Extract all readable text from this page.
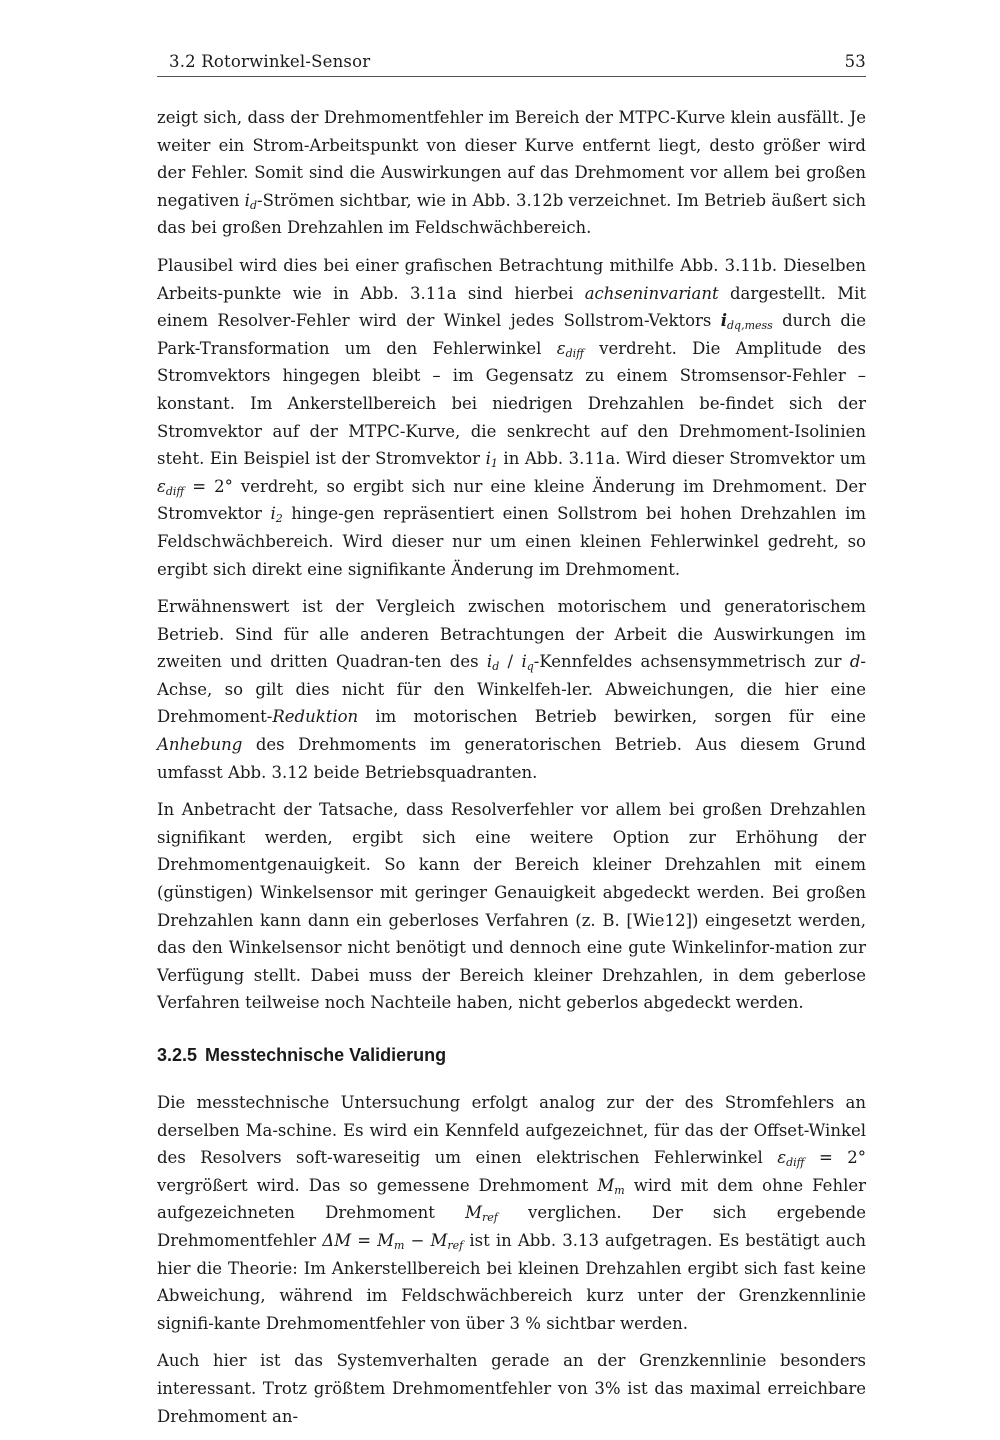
3.2 Rotorwinkel-Sensor	53

zeigt sich, dass der Drehmomentfehler im Bereich der MTPC-Kurve klein ausfällt. Je weiter ein Strom-Arbeitspunkt von dieser Kurve entfernt liegt, desto größer wird der Fehler. Somit sind die Auswirkungen auf das Drehmoment vor allem bei großen negativen $i_d$-Strömen sichtbar, wie in Abb. 3.12b verzeichnet. Im Betrieb äußert sich das bei großen Drehzahlen im Feldschwächbereich.

Plausibel wird dies bei einer grafischen Betrachtung mithilfe Abb. 3.11b. Dieselben Arbeits-punkte wie in Abb. 3.11a sind hierbei achseninvariant dargestellt. Mit einem Resolver-Fehler wird der Winkel jedes Sollstrom-Vektors $i_{dq,mess}$ durch die Park-Transformation um den Fehlerwinkel $\varepsilon_{diff}$ verdreht. Die Amplitude des Stromvektors hingegen bleibt – im Gegensatz zu einem Stromsensor-Fehler – konstant. Im Ankerstellbereich bei niedrigen Drehzahlen be-findet sich der Stromvektor auf der MTPC-Kurve, die senkrecht auf den Drehmoment-Isolinien steht. Ein Beispiel ist der Stromvektor $i_1$ in Abb. 3.11a. Wird dieser Stromvektor um $\varepsilon_{diff} = 2^\circ$ verdreht, so ergibt sich nur eine kleine Änderung im Drehmoment. Der Stromvektor $i_2$ hinge-gen repräsentiert einen Sollstrom bei hohen Drehzahlen im Feldschwächbereich. Wird dieser nur um einen kleinen Fehlerwinkel gedreht, so ergibt sich direkt eine signifikante Änderung im Drehmoment.

Erwähnenswert ist der Vergleich zwischen motorischem und generatorischem Betrieb. Sind für alle anderen Betrachtungen der Arbeit die Auswirkungen im zweiten und dritten Quadran-ten des $i_d$ / $i_q$-Kennfeldes achsensymmetrisch zur d-Achse, so gilt dies nicht für den Winkelfeh-ler. Abweichungen, die hier eine Drehmoment-Reduktion im motorischen Betrieb bewirken, sorgen für eine Anhebung des Drehmoments im generatorischen Betrieb. Aus diesem Grund umfasst Abb. 3.12 beide Betriebsquadranten.

In Anbetracht der Tatsache, dass Resolverfehler vor allem bei großen Drehzahlen signifikant werden, ergibt sich eine weitere Option zur Erhöhung der Drehmomentgenauigkeit. So kann der Bereich kleiner Drehzahlen mit einem (günstigen) Winkelsensor mit geringer Genauigkeit abgedeckt werden. Bei großen Drehzahlen kann dann ein geberloses Verfahren (z. B. [Wie12]) eingesetzt werden, das den Winkelsensor nicht benötigt und dennoch eine gute Winkelinfor-mation zur Verfügung stellt. Dabei muss der Bereich kleiner Drehzahlen, in dem geberlose Verfahren teilweise noch Nachteile haben, nicht geberlos abgedeckt werden.

3.2.5 Messtechnische Validierung

Die messtechnische Untersuchung erfolgt analog zur der des Stromfehlers an derselben Ma-schine. Es wird ein Kennfeld aufgezeichnet, für das der Offset-Winkel des Resolvers soft-wareseitig um einen elektrischen Fehlerwinkel $\varepsilon_{diff} = 2^\circ$ vergrößert wird. Das so gemessene Drehmoment $M_m$ wird mit dem ohne Fehler aufgezeichneten Drehmoment $M_{ref}$ verglichen. Der sich ergebende Drehmomentfehler $\Delta M = M_m - M_{ref}$ ist in Abb. 3.13 aufgetragen. Es bestätigt auch hier die Theorie: Im Ankerstellbereich bei kleinen Drehzahlen ergibt sich fast keine Abweichung, während im Feldschwächbereich kurz unter der Grenzkennlinie signifi-kante Drehmomentfehler von über 3 % sichtbar werden.

Auch hier ist das Systemverhalten gerade an der Grenzkennlinie besonders interessant. Trotz größtem Drehmomentfehler von 3% ist das maximal erreichbare Drehmoment an-
